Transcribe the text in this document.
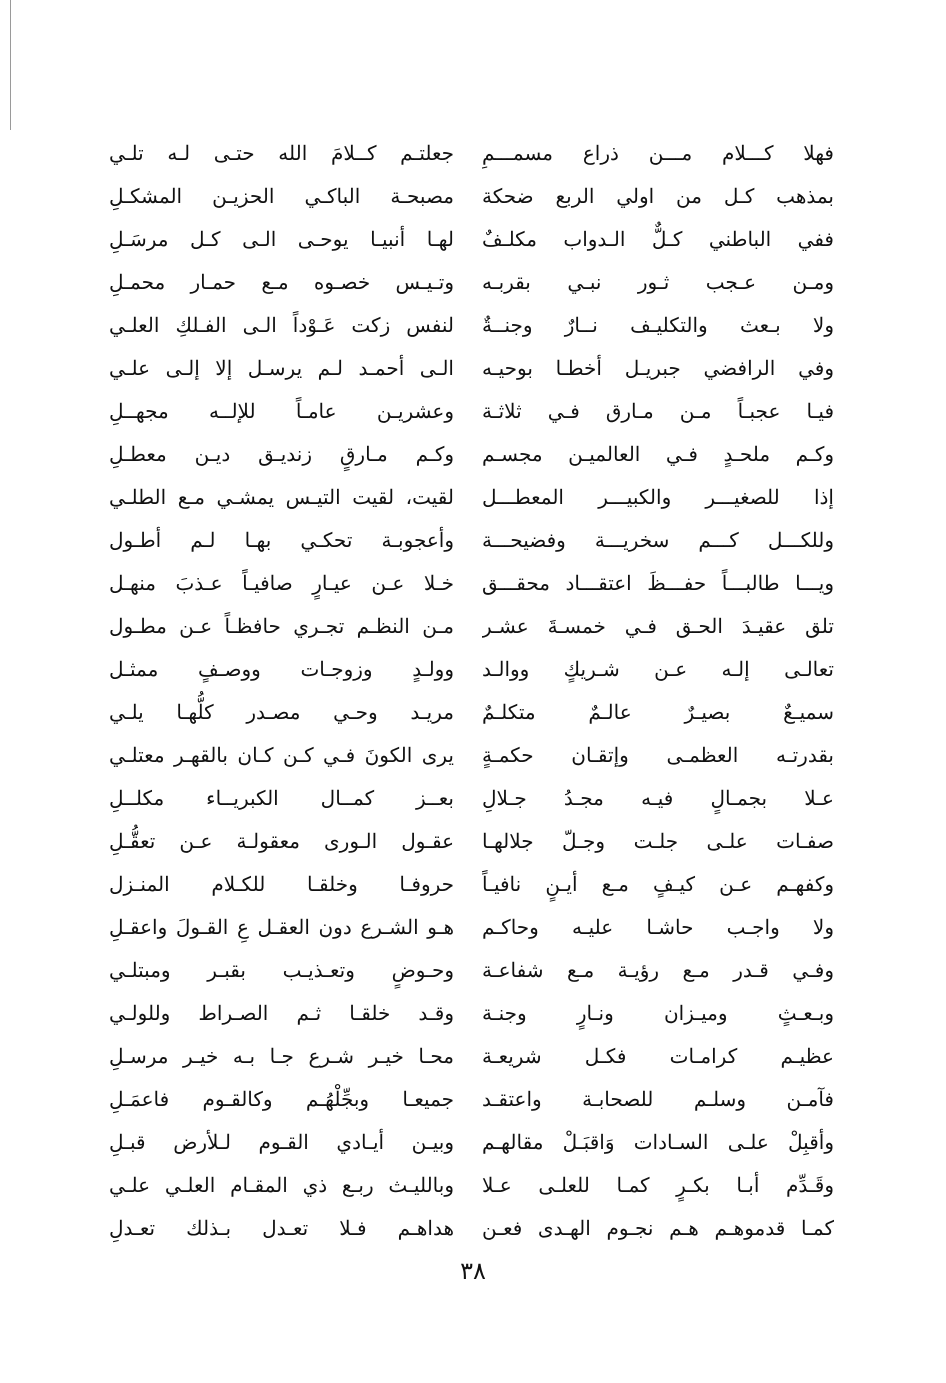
فهلا كـــلام مـــن ذراع مسمـــمِ
بمذهب كـل من اولي الربع ضحكة
ففي الباطني كـلٌّ الـدواب مكلـفٌ
ومـن عـجب ثـور نبـي بقربـه
ولا بـعث والتكليـف نــارٌ وجنــةٌ
وفي الرافضي جبريـل أخطـا بوحيـه
فيـا عجبـاً مـن مـارق فـي ثلاثـة
وكـم ملحـدٍ فـي العالميـن مجسـم
إذا للصغيـــر والكبيـــر المعطـــل
وللكـــل كـــم سخريـــة وفضيحـــة
ويـــا طالبـــاً حفـــظَ اعتقـــاد محقـــق
تلق عقيـدَ الحـق فـي خمسـةَ عشـر
تعالـى إلـه عـن شـريكٍ ووالـد
سميـعٌ بصيـرٌ عالـمٌ متكلـمٌ
بقدرتـه العظمـى وإتقـان حكمـةٍ
عـلا بجمـالٍ فيـه مجـدُ جـلالِ
صفـات علـى جلـت وجـلّ جلالهـا
وكفهـم عـن كيـفٍ مـع أيـنٍ نافيـاً
ولا واجـب حاشـا عليـه وحاكـم
وفـي قـدر مـع رؤيـة مـع شفاعـة
وبـعـثٍ وميـزان ونـارٍ وجنـة
عظيـم كرامـات فكـل شريعـة
فآمـن وسلـم للصحابـة واعتقـد
وأقبِلْ علـى السـادات وَاقبَـلْ مقالهـم
وقَـدِّم أبـا بكـرٍ كمـا للعلـى عـلا
كمـا قدموهـم هـم نجـوم الهـدى فعـن
جعلتـم كــلامَ الله حتـى لـه تلـي
مصبحـة الباكـي الحزيـن المشكـلِ
لهـا أنبيـا يوحـى الـى كـل مرسَـلِ
وتـيـس خصـوه مـع حمـار محمـلِ
لنفس زكت عَـوْداً الـى الفـلكِ العلـي
الـى أحمـد لـم يرسـل إلا إلـى علـي
وعشريـن عامـاً للإلــه مجهــلِ
وكـم مـارقٍ زنديـق ديـن معطـلِ
لقيت، لقيت التيـس يمشـي مـع الطلـي
وأعجوبـة تحكـي بهـا لـم أطـول
خـلا عـن عيـارٍ صافيـاً عـذبَ منهـل
مـن النظـم تجـري حافظـاً عـن مطـول
وولـدٍ وزوجـات ووصـفٍ ممثـل
مريـد وحـي مصـدر كلُّهـا يلـي
يرى الكونَ فـي كـن كـان بالقهـر معتلـي
بعــز كمــال الكبريــاء مكلــلِ
عقـول الـورى معقولـة عـن تعقُّـلِ
حروفـا وخلقـا للكـلام المنـزل
هـو الشـرع دون العقـل عِ القـولَ واعقـلِ
وحـوضٍ وتعـذيـب بقبـر ومبتلـي
وقـد خلقـا ثـم الصـراط وللولـي
محـا خيـر شـرع جـا بـه خيـر مرسـلِ
جميعـا وبجِّلْهُـم وكالقـوم فاعمَـلِ
وبيـن أيـادي القـوم لـلأرض قبـلِ
وبالليـث ربـع ذي المقـام العلـي علـي
هداهـم فـلا تعـدل بـذلك تعـدلِ
٣٨
